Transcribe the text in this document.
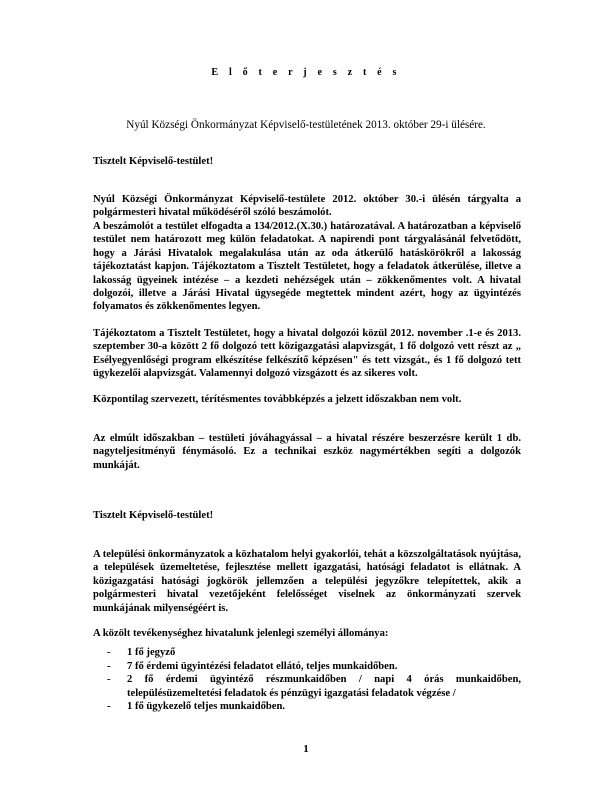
E l ő t e r j e s z t é s
Nyúl Községi Önkormányzat Képviselő-testületének 2013. október 29-i ülésére.
Tisztelt Képviselő-testület!

Nyúl Községi Önkormányzat Képviselő-testülete 2012. október 30.-i ülésén tárgyalta a polgármesteri hivatal működéséről szóló beszámolót.

A beszámolót a testület elfogadta a 134/2012.(X.30.) határozatával. A határozatban a képviselő testület nem határozott meg külön feladatokat. A napirendi pont tárgyalásánál felvetődött, hogy a Járási Hivatalok megalakulása után az oda átkerülő hatáskörökről a lakosság tájékoztatást kapjon. Tájékoztatom a Tisztelt Testületet, hogy a feladatok átkerülése, illetve a lakosság ügyeinek intézése – a kezdeti nehézségek után – zökkenőmentes volt. A hivatal dolgozói, illetve a Járási Hivatal ügysegéde megtettek mindent azért, hogy az ügyintézés folyamatos és zökkenőmentes legyen.

Tájékoztatom a Tisztelt Testületet, hogy a hivatal dolgozói közül 2012. november .1-e és 2013. szeptember 30-a között 2 fő dolgozó tett közigazgatási alapvizsgát, 1 fő dolgozó vett részt az „ Esélyegyenlőségi program elkészítése felkészítő képzésen" és tett vizsgát., és 1 fő dolgozó tett ügykezelői alapvizsgát. Valamennyi dolgozó vizsgázott és az sikeres volt.

Központilag szervezett, térítésmentes továbbképzés a jelzett időszakban nem volt.

Az elmúlt időszakban – testületi jóváhagyással – a hivatal részére beszerzésre került 1 db. nagyteljesítményű fénymásoló. Ez a technikai eszköz nagymértékben segíti a dolgozók munkáját.

Tisztelt Képviselő-testület!

A települési önkormányzatok a közhatalom helyi gyakorlói, tehát a közszolgáltatások nyújtása, a települések üzemeltetése, fejlesztése mellett igazgatási, hatósági feladatot is ellátnak. A közigazgatási hatósági jogkörök jellemzően a települési jegyzőkre telepítettek, akik a polgármesteri hivatal vezetőjeként felelősséget viselnek az önkormányzati szervek munkájának milyenségéért is.

A közölt tevékenységhez hivatalunk jelenlegi személyi állománya:

- 1 fő jegyző
- 7 fő érdemi ügyintézési feladatot ellátó, teljes munkaidőben.
- 2 fő érdemi ügyintéző részmunkaidőben / napi 4 órás munkaidőben, településüzemeltetési feladatok és pénzügyi igazgatási feladatok végzése /
- 1 fő ügykezelő teljes munkaidőben.
1
